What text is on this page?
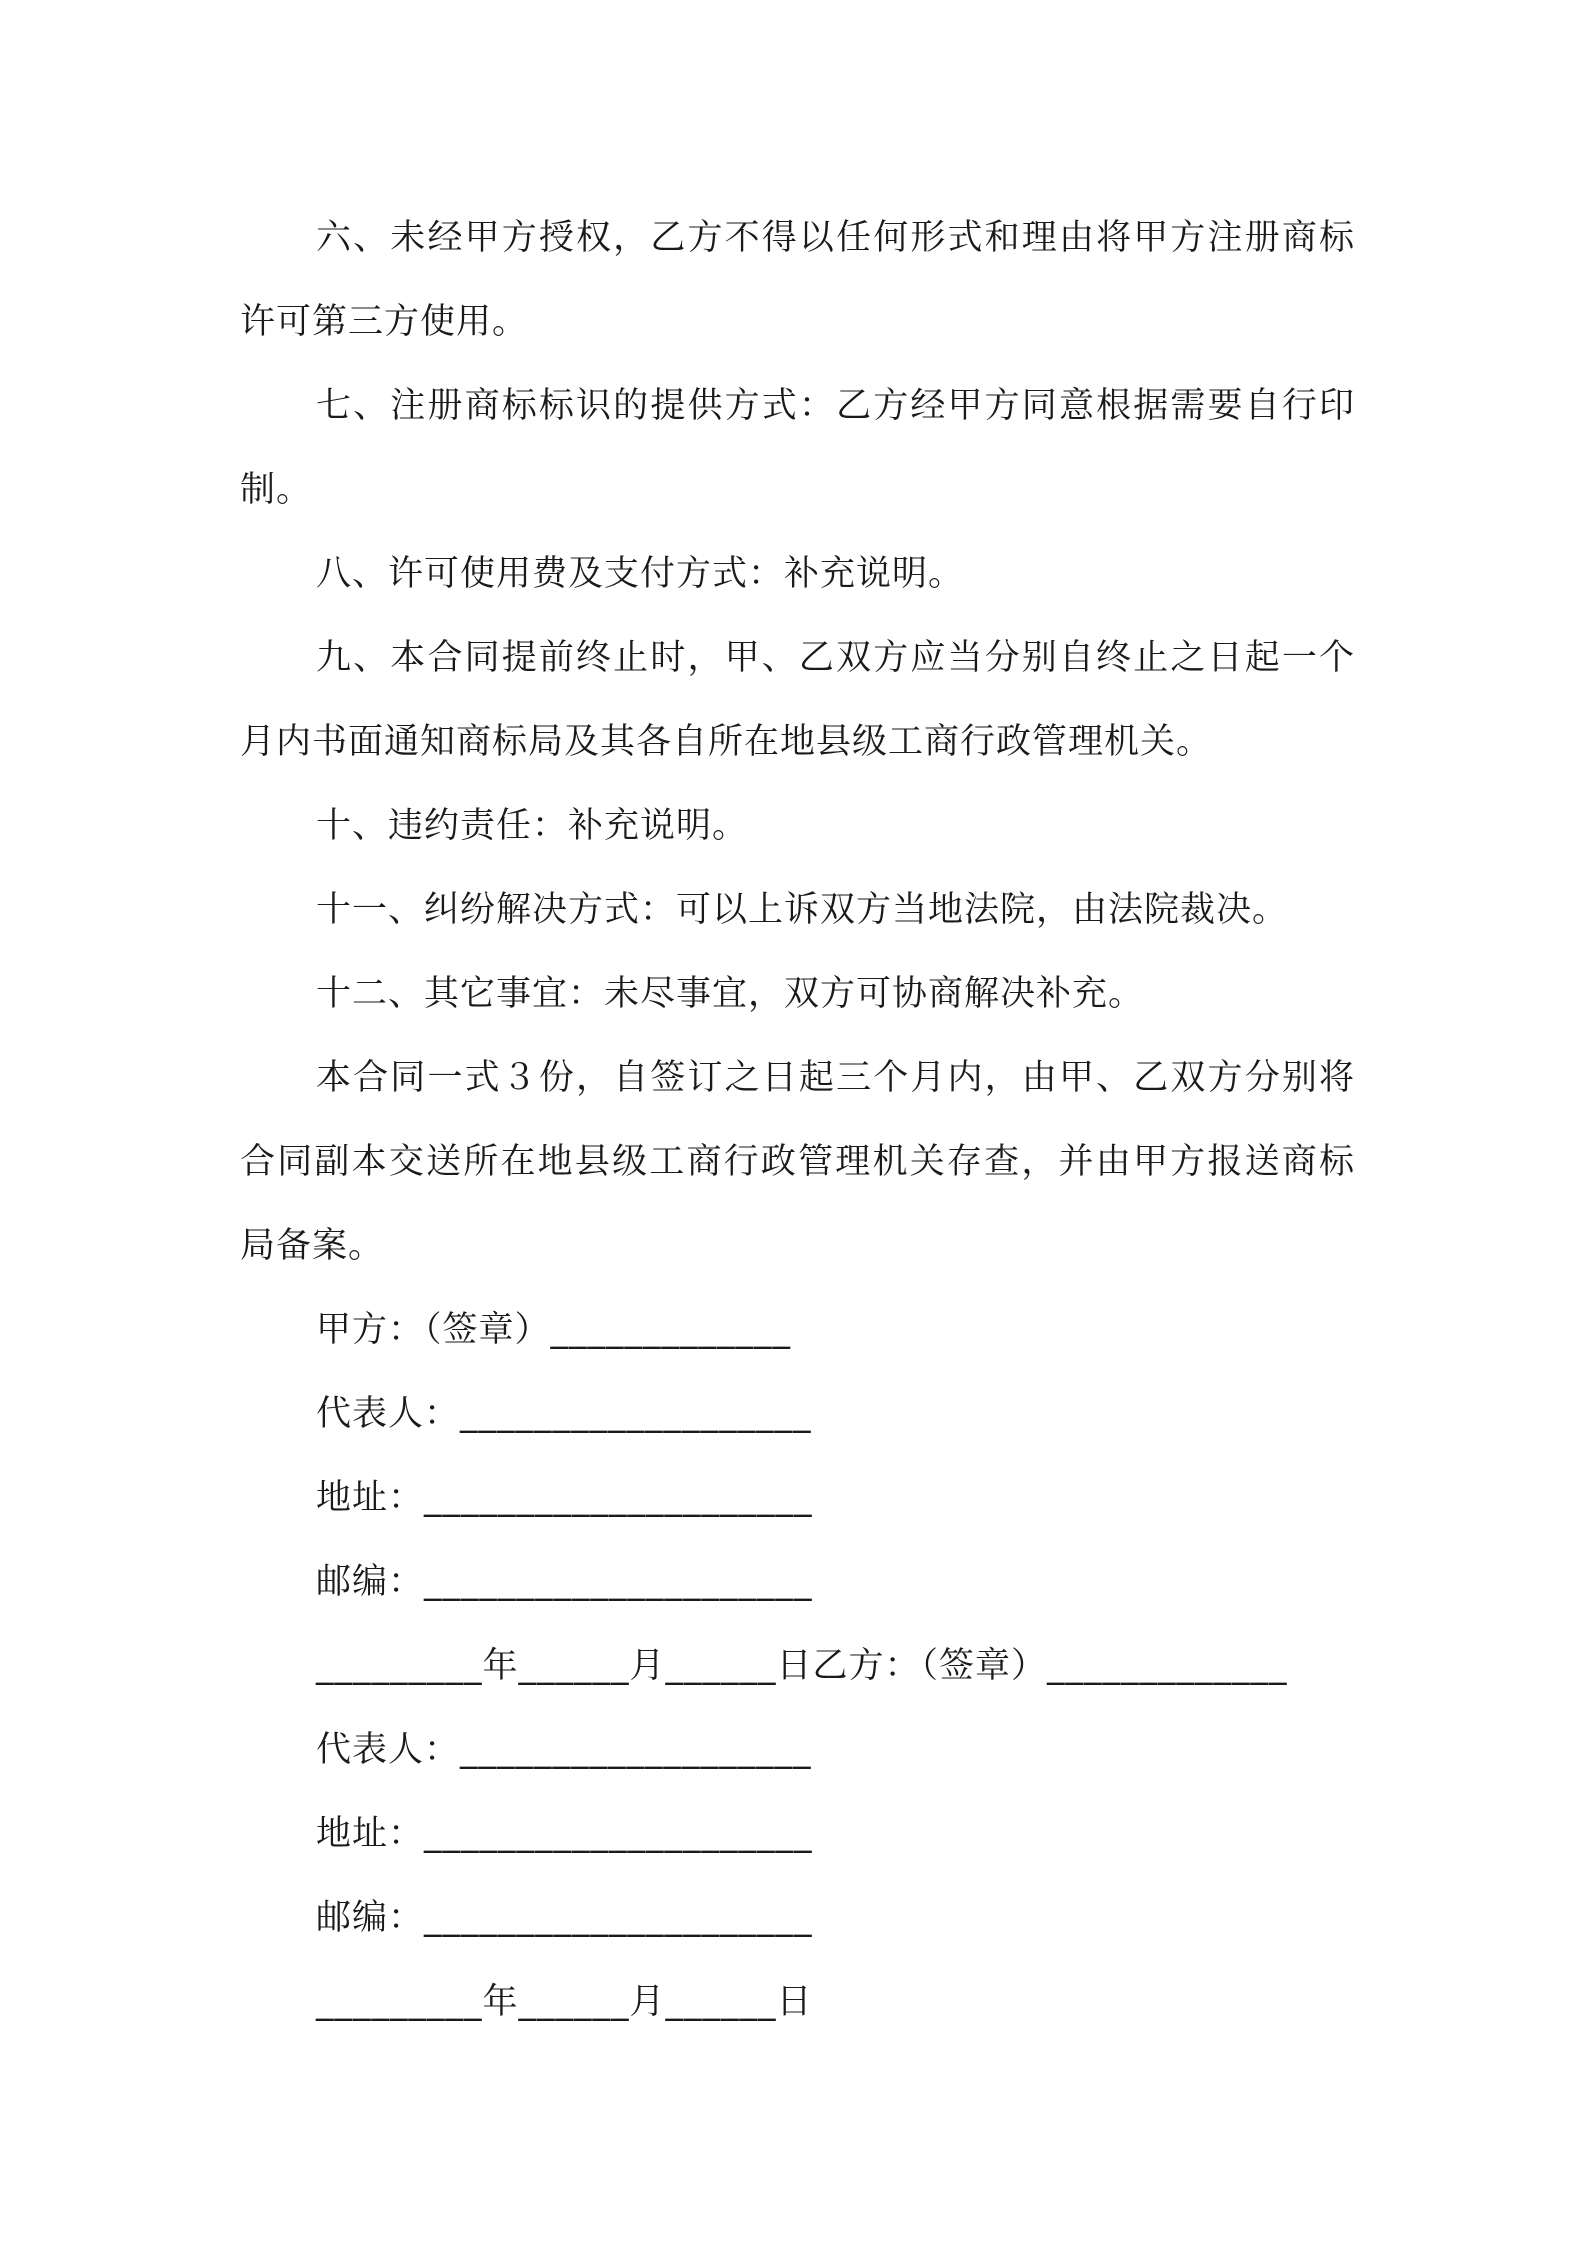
六、未经甲方授权，乙方不得以任何形式和理由将甲方注册商标许可第三方使用。

七、注册商标标识的提供方式：乙方经甲方同意根据需要自行印制。

八、许可使用费及支付方式：补充说明。

九、本合同提前终止时，甲、乙双方应当分别自终止之日起一个月内书面通知商标局及其各自所在地县级工商行政管理机关。

十、违约责任：补充说明。

十一、纠纷解决方式：可以上诉双方当地法院，由法院裁决。

十二、其它事宜：未尽事宜，双方可协商解决补充。

本合同一式３份，自签订之日起三个月内，由甲、乙双方分别将合同副本交送所在地县级工商行政管理机关存查，并由甲方报送商标局备案。

甲方：（签章）_____________

代表人：___________________

地址：_____________________

邮编：_____________________

_________年______月______日乙方：（签章）_____________

代表人：___________________

地址：_____________________

邮编：_____________________

_________年______月______日
